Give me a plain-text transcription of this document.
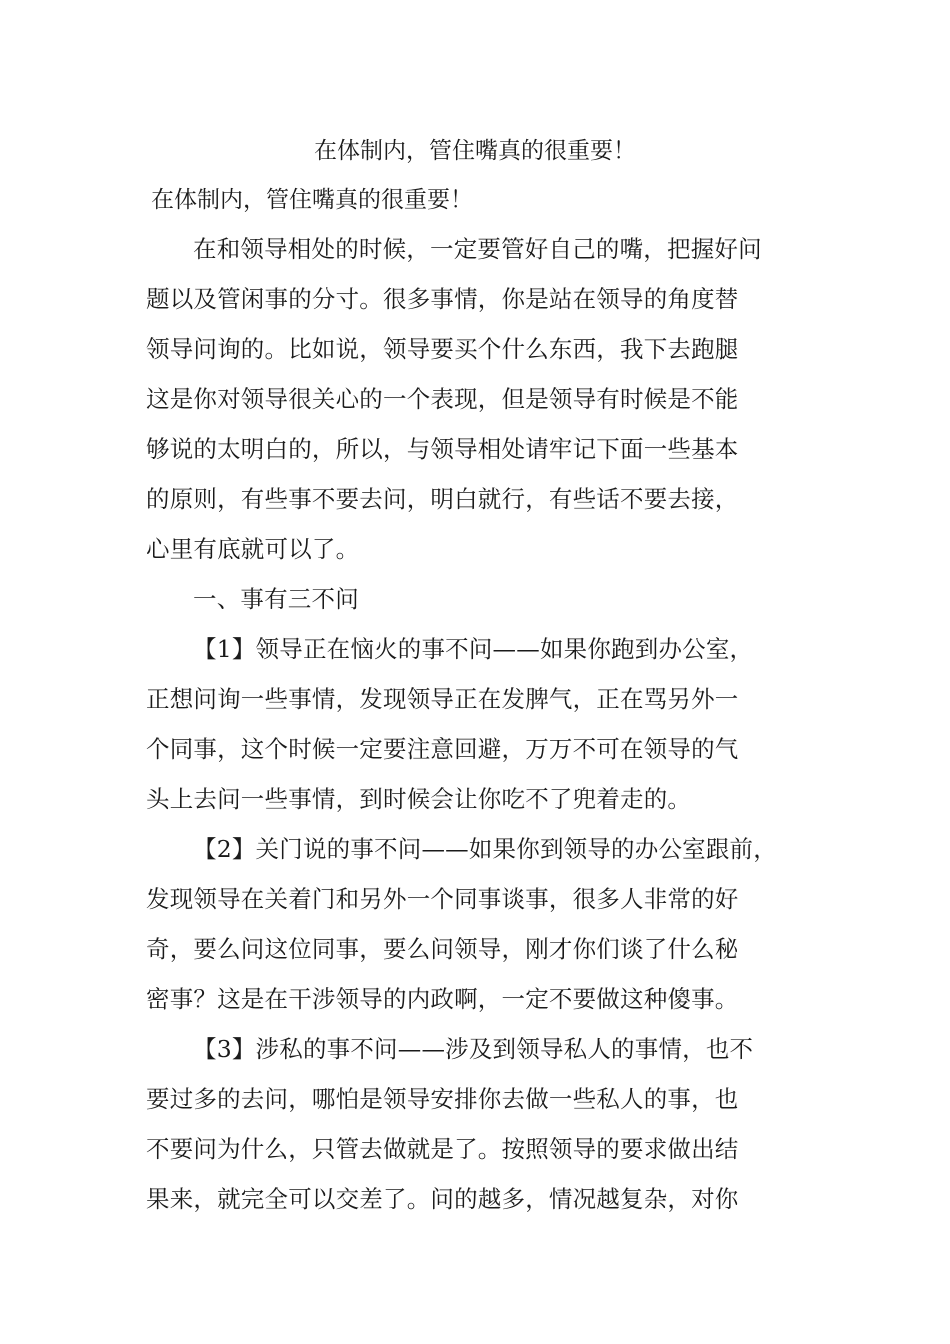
在体制内，管住嘴真的很重要！
在体制内，管住嘴真的很重要！
在和领导相处的时候，一定要管好自己的嘴，把握好问
题以及管闲事的分寸。很多事情，你是站在领导的角度替
领导问询的。比如说，领导要买个什么东西，我下去跑腿
这是你对领导很关心的一个表现，但是领导有时候是不能
够说的太明白的，所以，与领导相处请牢记下面一些基本
的原则，有些事不要去问，明白就行，有些话不要去接，
心里有底就可以了。
一、事有三不问
【1】领导正在恼火的事不问——如果你跑到办公室，
正想问询一些事情，发现领导正在发脾气，正在骂另外一
个同事，这个时候一定要注意回避，万万不可在领导的气
头上去问一些事情，到时候会让你吃不了兜着走的。
【2】关门说的事不问——如果你到领导的办公室跟前，
发现领导在关着门和另外一个同事谈事，很多人非常的好
奇，要么问这位同事，要么问领导，刚才你们谈了什么秘
密事？这是在干涉领导的内政啊，一定不要做这种傻事。
【3】涉私的事不问——涉及到领导私人的事情，也不
要过多的去问，哪怕是领导安排你去做一些私人的事，也
不要问为什么，只管去做就是了。按照领导的要求做出结
果来，就完全可以交差了。问的越多，情况越复杂，对你
